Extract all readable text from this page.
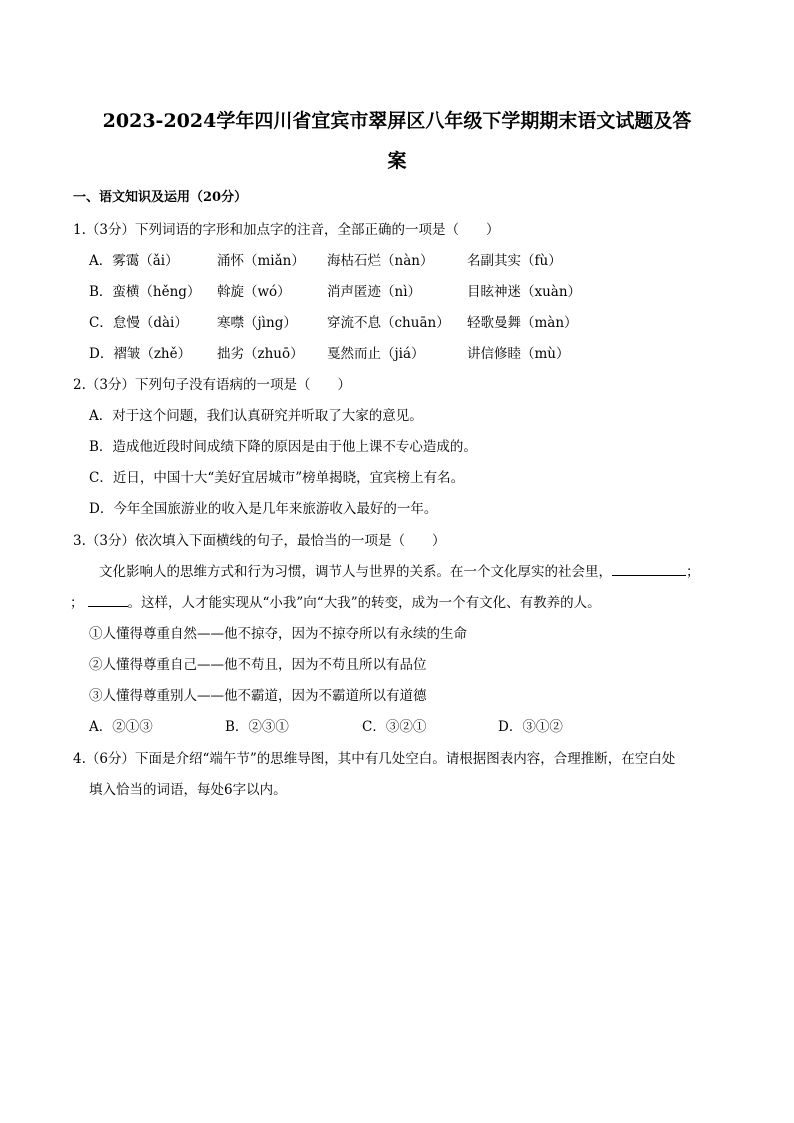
2023-2024学年四川省宜宾市翠屏区八年级下学期期末语文试题及答
案
一、语文知识及运用（20分）
1.（3分）下列词语的字形和加点字的注音，全部正确的一项是（　　）
A．雾霭（ǎi）	涌怀（miǎn） 海枯石烂（nàn） 名副其实（fù）
B．蛮横（hěng） 斡旋（wó）	消声匿迹（nì）	目眩神迷（xuàn）
C．怠慢（dài） 寒噤（jìng） 穿流不息（chuān） 轻歌曼舞（màn）
D．褶皱（zhě） 拙劣（zhuō） 戛然而止（jiá）	讲信修睦（mù）
2.（3分）下列句子没有语病的一项是（　　）
A．对于这个问题，我们认真研究并听取了大家的意见。
B．造成他近段时间成绩下降的原因是由于他上课不专心造成的。
C．近日，中国十大“美好宜居城市”榜单揭晓，宜宾榜上有名。
D．今年全国旅游业的收入是几年来旅游收入最好的一年。
3.（3分）依次填入下面横线的句子，最恰当的一项是（　　）
文化影响人的思维方式和行为习惯，调节人与世界的关系。在一个文化厚实的社会里，	；
；	。这样，人才能实现从“小我”向“大我”的转变，成为一个有文化、有教养的人。
①人懂得尊重自然——他不掠夺，因为不掠夺所以有永续的生命
②人懂得尊重自己——他不苟且，因为不苟且所以有品位
③人懂得尊重别人——他不霸道，因为不霸道所以有道德
A．②①③	B．②③①	C．③②①	D．③①②
4.（6分）下面是介绍“端午节”的思维导图，其中有几处空白。请根据图表内容，合理推断，在空白处
填入恰当的词语，每处6字以内。
